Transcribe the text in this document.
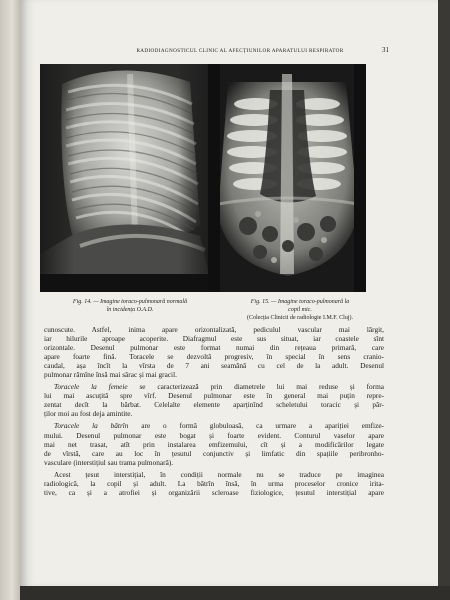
RADIODIAGNOSTICUL CLINIC AL AFECȚIUNILOR APARATULUI RESPIRATOR	31
Fig. 14. — Imagine toraco-pulmonară normală
în incidența O.A.D.
Fig. 15. — Imagine toraco-pulmonară la
copil mic.
(Colecția Clinicii de radiologie I.M.F. Cluj).
cunoscute. Astfel, inima apare orizontalizată, pediculul vascular mai lărgit,
iar hilurile aproape acoperite. Diafragmul este sus situat, iar coastele sînt
orizontale. Desenul pulmonar este format numai din rețeaua primară, care
apare foarte fină. Toracele se dezvoltă progresiv, în special în sens cranio-
caudal, așa încît la vîrsta de 7 ani seamănă cu cel de la adult. Desenul
pulmonar rămîne însă mai sărac și mai gracil.
Toracele la femeie se caracterizează prin diametrele lui mai reduse și forma
lui mai ascuțită spre vîrf. Desenul pulmonar este în general mai puțin repre-
zentat decît la bărbat. Celelalte elemente aparținînd scheletului toracic și păr-
ților moi au fost deja amintite.
Toracele la bătrîn are o formă globuloasă, ca urmare a apariției emfize-
mului. Desenul pulmonar este bogat și foarte evident. Conturul vaselor apare
mai net trasat, atît prin instalarea emfizemului, cît și a modificărilor legate
de vîrstă, care au loc în țesutul conjunctiv și limfatic din spațiile peribronho-
vasculare (interstițiul sau trama pulmonară).
Acest țesut interstițial, în condiții normale nu se traduce pe imaginea
radiologică, la copil și adult. La bătrîn însă, în urma proceselor cronice irita-
tive, ca și a atrofiei și organizării scleroase fiziologice, țesutul interstițial apare
